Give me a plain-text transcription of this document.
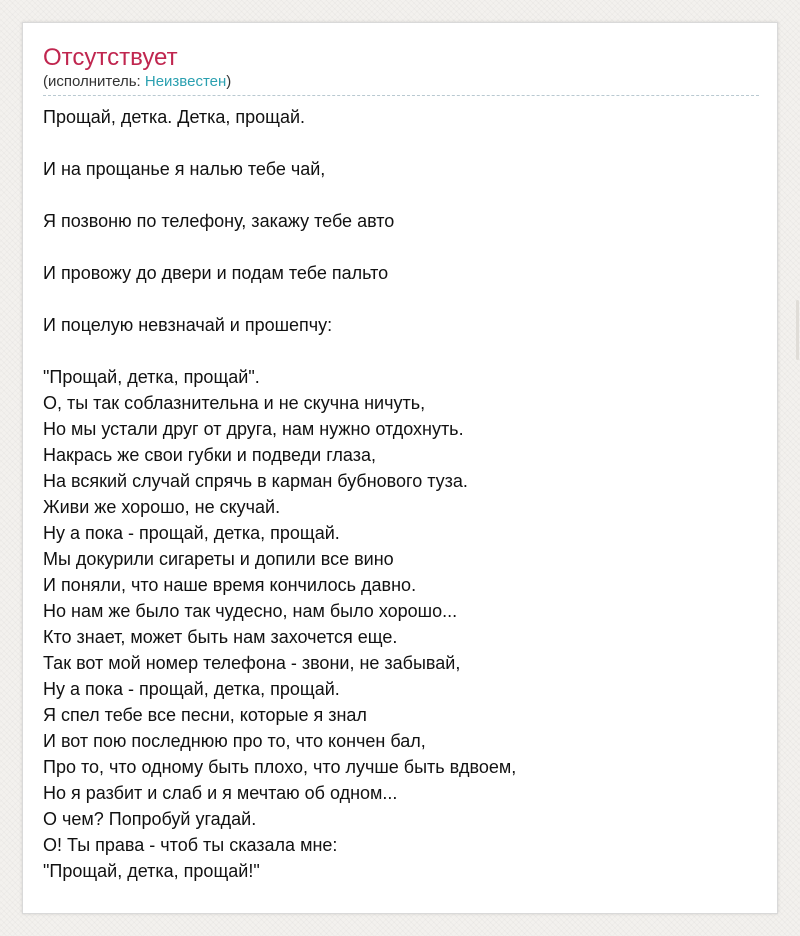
Отсутствует
(исполнитель: Неизвестен)
Прощай, детка. Детка, прощай.
И на прощанье я налью тебе чай,
Я позвоню по телефону, закажу тебе авто
И провожу до двери и подам тебе пальто
И поцелую невзначай и прошепчу:
"Прощай, детка, прощай".
О, ты так соблазнительна и не скучна ничуть,
Но мы устали друг от друга, нам нужно отдохнуть.
Накрась же свои губки и подведи глаза,
На всякий случай спрячь в карман бубнового туза.
Живи же хорошо, не скучай.
Ну а пока - прощай, детка, прощай.
Мы докурили сигареты и допили все вино
И поняли, что наше время кончилось давно.
Но нам же было так чудесно, нам было хорошо...
Кто знает, может быть нам захочется еще.
Так вот мой номер телефона - звони, не забывай,
Ну а пока - прощай, детка, прощай.
Я спел тебе все песни, которые я знал
И вот пою последнюю про то, что кончен бал,
Про то, что одному быть плохо, что лучше быть вдвоем,
Но я разбит и слаб и я мечтаю об одном...
О чем? Попробуй угадай.
О! Ты права - чтоб ты сказала мне:
"Прощай, детка, прощай!"
